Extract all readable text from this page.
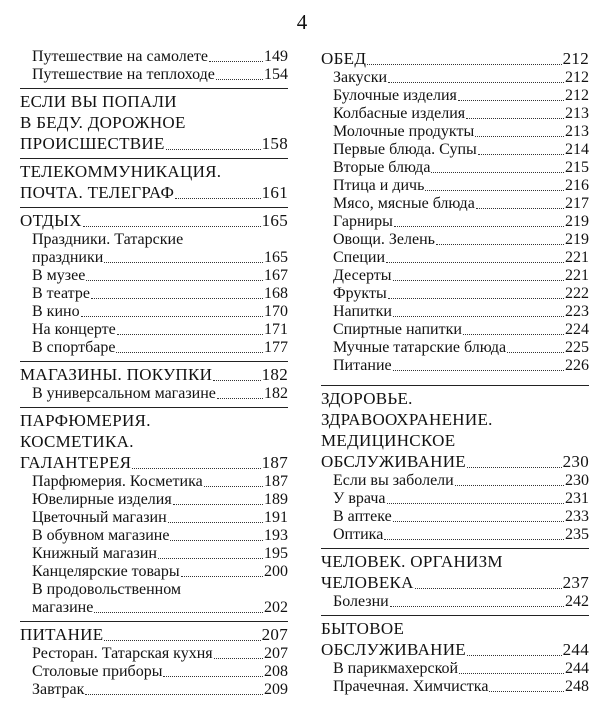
4
Путешествие на самолете	149
Путешествие на теплоходе	154
ЕСЛИ ВЫ ПОПАЛИ
В БЕДУ. ДОРОЖНОЕ
ПРОИСШЕСТВИЕ	158
ТЕЛЕКОММУНИКАЦИЯ.
ПОЧТА. ТЕЛЕГРАФ	161
ОТДЫХ	165
Праздники. Татарские
праздники	165
В музее	167
В театре	168
В кино	170
На концерте	171
В спортбаре	177
МАГАЗИНЫ. ПОКУПКИ	182
В универсальном магазине	182
ПАРФЮМЕРИЯ.
КОСМЕТИКА.
ГАЛАНТЕРЕЯ	187
Парфюмерия. Косметика	187
Ювелирные изделия	189
Цветочный магазин	191
В обувном магазине	193
Книжный магазин	195
Канцелярские товары	200
В продовольственном
магазине	202
ПИТАНИЕ	207
Ресторан. Татарская кухня	207
Столовые приборы	208
Завтрак	209
ОБЕД	212
Закуски	212
Булочные изделия	212
Колбасные изделия	213
Молочные продукты	213
Первые блюда. Супы	214
Вторые блюда	215
Птица и дичь	216
Мясо, мясные блюда	217
Гарниры	219
Овощи. Зелень	219
Специи	221
Десерты	221
Фрукты	222
Напитки	223
Спиртные напитки	224
Мучные татарские блюда	225
Питание	226
ЗДОРОВЬЕ.
ЗДРАВООХРАНЕНИЕ.
МЕДИЦИНСКОЕ
ОБСЛУЖИВАНИЕ	230
Если вы заболели	230
У врача	231
В аптеке	233
Оптика	235
ЧЕЛОВЕК. ОРГАНИЗМ
ЧЕЛОВЕКА	237
Болезни	242
БЫТОВОЕ
ОБСЛУЖИВАНИЕ	244
В парикмахерской	244
Прачечная. Химчистка	248
